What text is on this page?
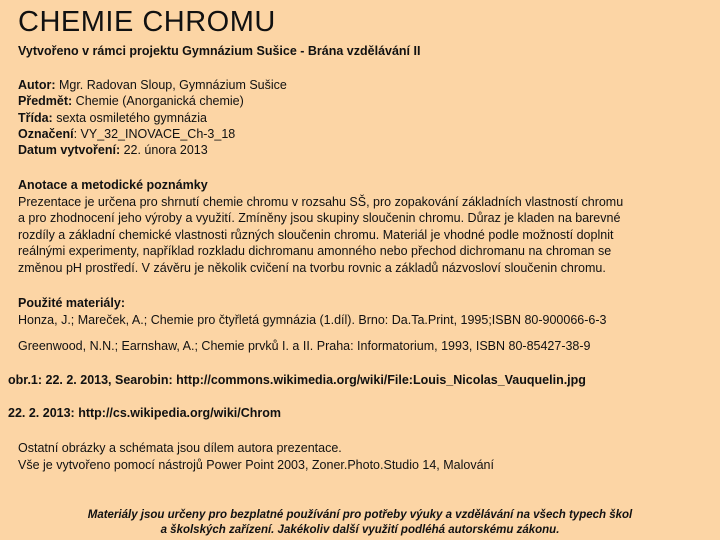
CHEMIE CHROMU
Vytvořeno v rámci projektu Gymnázium Sušice - Brána vzdělávání II
Autor: Mgr. Radovan Sloup, Gymnázium Sušice
Předmět: Chemie (Anorganická chemie)
Třída: sexta osmiletého gymnázia
Označení: VY_32_INOVACE_Ch-3_18
Datum vytvoření: 22. února 2013
Anotace a metodické poznámky
Prezentace je určena pro shrnutí chemie chromu v rozsahu SŠ, pro zopakování základních vlastností chromu
a pro zhodnocení jeho výroby a využití. Zmíněny jsou skupiny sloučenin chromu. Důraz je kladen na barevné
rozdíly a základní chemické vlastnosti různých sloučenin chromu. Materiál je vhodné podle možností doplnit
reálnými experimenty, například rozkladu dichromanu amonného nebo přechod dichromanu na chroman se
změnou pH prostředí. V závěru je několik cvičení na tvorbu rovnic a základů názvosloví sloučenin chromu.
Použité materiály:
Honza, J.; Mareček, A.; Chemie pro čtyřletá gymnázia (1.díl). Brno: Da.Ta.Print, 1995;ISBN 80-900066-6-3
Greenwood, N.N.; Earnshaw, A.; Chemie prvků I. a II. Praha: Informatorium, 1993, ISBN 80-85427-38-9
obr.1: 22. 2. 2013, Searobin: http://commons.wikimedia.org/wiki/File:Louis_Nicolas_Vauquelin.jpg
22. 2. 2013: http://cs.wikipedia.org/wiki/Chrom
Ostatní obrázky a schémata jsou dílem autora prezentace.
Vše je vytvořeno pomocí nástrojů Power Point 2003, Zoner.Photo.Studio 14, Malování
Materiály jsou určeny pro bezplatné používání pro potřeby výuky a vzdělávání na všech typech škol
a školských zařízení. Jakékoliv další využití podléhá autorskému zákonu.
